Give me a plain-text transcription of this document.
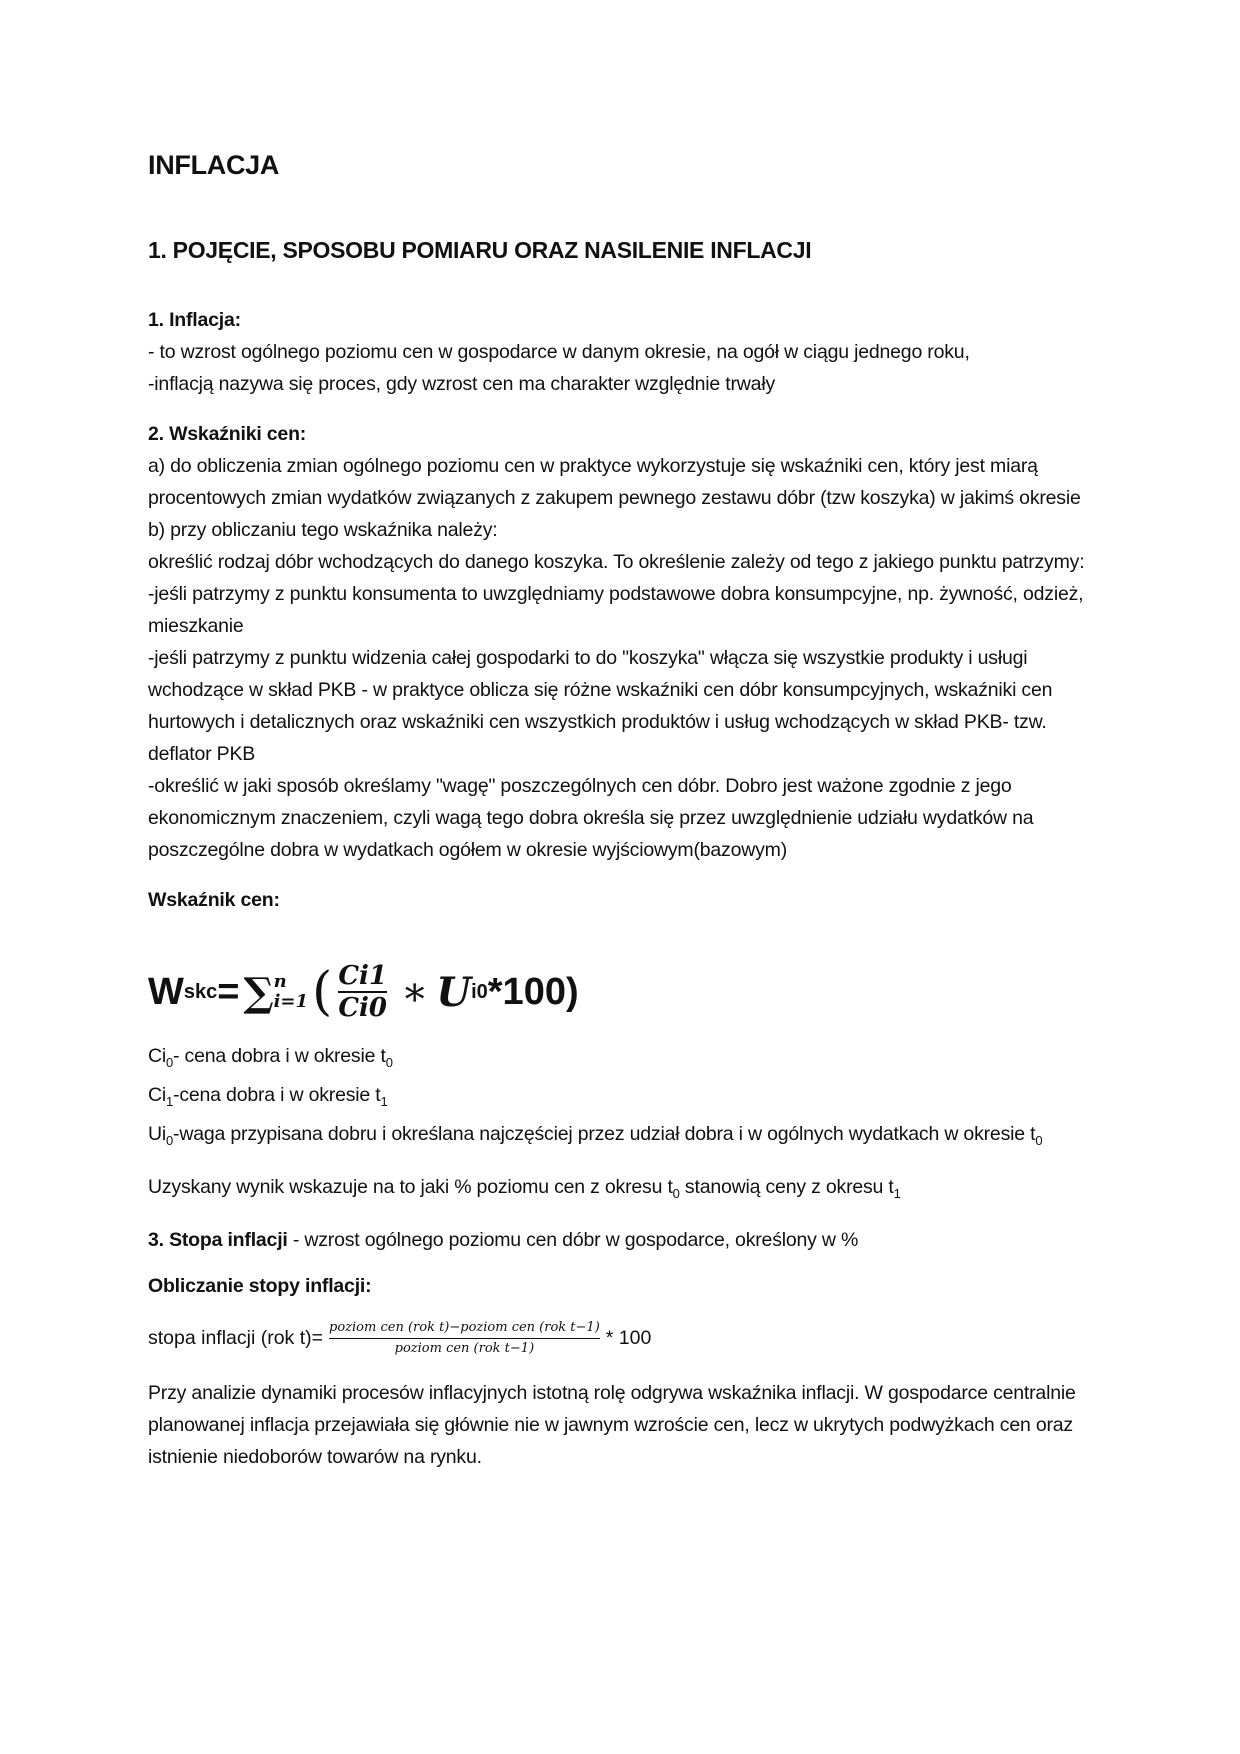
INFLACJA

1. POJĘCIE, SPOSOBU POMIARU ORAZ NASILENIE INFLACJI

1. Inflacja:

- to wzrost ogólnego poziomu cen w gospodarce w danym okresie, na ogół w ciągu jednego roku,

-inflacją nazywa się proces, gdy wzrost cen ma charakter względnie trwały

2. Wskaźniki cen:

a) do obliczenia zmian ogólnego poziomu cen w praktyce wykorzystuje się wskaźniki cen, który jest miarą procentowych zmian wydatków związanych z zakupem pewnego zestawu dóbr (tzw koszyka) w jakimś okresie

b) przy obliczaniu tego wskaźnika należy:

określić rodzaj dóbr wchodzących do danego koszyka. To określenie zależy od tego z jakiego punktu patrzymy:

-jeśli patrzymy z punktu konsumenta to uwzględniamy podstawowe dobra konsumpcyjne, np. żywność, odzież, mieszkanie

-jeśli patrzymy z punktu widzenia całej gospodarki to do "koszyka" włącza się wszystkie produkty i usługi wchodzące w skład PKB - w praktyce oblicza się różne wskaźniki cen dóbr konsumpcyjnych, wskaźniki cen hurtowych i detalicznych oraz wskaźniki cen wszystkich produktów i usług wchodzących w skład PKB- tzw. deflator PKB

-określić w jaki sposób określamy "wagę" poszczególnych cen dóbr. Dobro jest ważone zgodnie z jego ekonomicznym znaczeniem, czyli wagą tego dobra określa się przez uwzględnienie udziału wydatków na poszczególne dobra w wydatkach ogółem w okresie wyjściowym(bazowym)

Wskaźnik cen:

W skc = ∑ n
i=1 ( $\frac{Ci1}{Ci0}$ ∗ U i0 *100)

$Ci_0-$ cena dobra i w okresie $t_0$

$Ci_1$-cena dobra i w okresie $t_1$

$Ui_0$-waga przypisana dobru i określana najczęściej przez udział dobra i w ogólnych wydatkach w okresie $t_0$

Uzyskany wynik wskazuje na to jaki % poziomu cen z okresu $t_0$ stanowią ceny z okresu $t_1$

3. Stopa inflacji - wzrost ogólnego poziomu cen dóbr w gospodarce, określony w %

Obliczanie stopy inflacji:

stopa inflacji (rok t)= poziom cen (rok t)−poziom cen (rok t−1)
poziom cen (rok t−1)	* 100

Przy analizie dynamiki procesów inflacyjnych istotną rolę odgrywa wskaźnika inflacji. W gospodarce centralnie planowanej inflacja przejawiała się głównie nie w jawnym wzroście cen, lecz w ukrytych podwyżkach cen oraz istnienie niedoborów towarów na rynku.
